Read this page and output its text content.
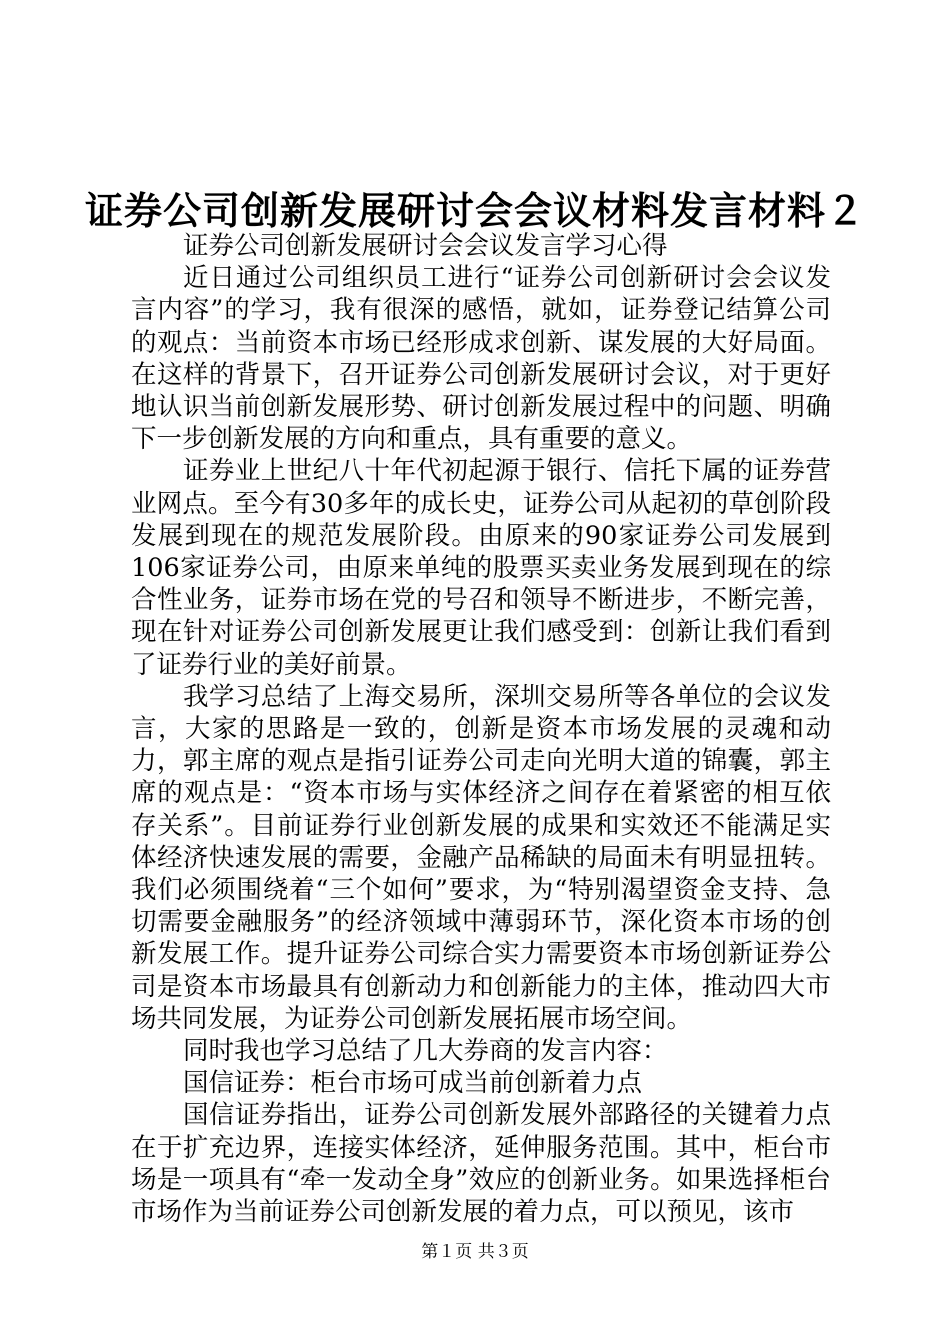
证券公司创新发展研讨会会议材料发言材料２

证券公司创新发展研讨会会议发言学习心得

近日通过公司组织员工进行“证券公司创新研讨会会议发言内容”的学习，我有很深的感悟，就如，证券登记结算公司的观点：当前资本市场已经形成求创新、谋发展的大好局面。在这样的背景下，召开证券公司创新发展研讨会议，对于更好地认识当前创新发展形势、研讨创新发展过程中的问题、明确下一步创新发展的方向和重点，具有重要的意义。

证券业上世纪八十年代初起源于银行、信托下属的证券营业网点。至今有30多年的成长史，证券公司从起初的草创阶段发展到现在的规范发展阶段。由原来的90家证券公司发展到106家证券公司，由原来单纯的股票买卖业务发展到现在的综合性业务，证券市场在党的号召和领导不断进步，不断完善，现在针对证券公司创新发展更让我们感受到：创新让我们看到了证券行业的美好前景。

我学习总结了上海交易所，深圳交易所等各单位的会议发言，大家的思路是一致的，创新是资本市场发展的灵魂和动力，郭主席的观点是指引证券公司走向光明大道的锦囊，郭主席的观点是：“资本市场与实体经济之间存在着紧密的相互依存关系”。目前证券行业创新发展的成果和实效还不能满足实体经济快速发展的需要，金融产品稀缺的局面未有明显扭转。我们必须围绕着“三个如何”要求，为“特别渴望资金支持、急切需要金融服务”的经济领域中薄弱环节，深化资本市场的创新发展工作。提升证券公司综合实力需要资本市场创新证券公司是资本市场最具有创新动力和创新能力的主体，推动四大市场共同发展，为证券公司创新发展拓展市场空间。

同时我也学习总结了几大券商的发言内容：

国信证券：柜台市场可成当前创新着力点

国信证券指出，证券公司创新发展外部路径的关键着力点在于扩充边界，连接实体经济，延伸服务范围。其中，柜台市场是一项具有“牵一发动全身”效应的创新业务。如果选择柜台市场作为当前证券公司创新发展的着力点，可以预见，该市

第１页 共３页
